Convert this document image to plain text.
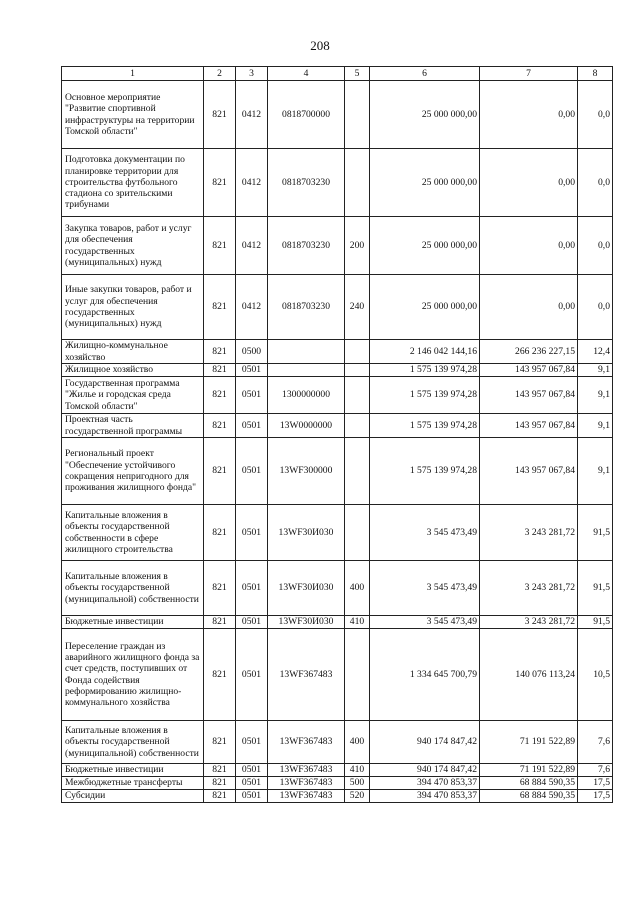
208
1	2	3	4	5	6	7	8
Основное мероприятие "Развитие спортивной инфраструктуры на территории Томской области"	821	0412	0818700000		25 000 000,00	0,00	0,0
Подготовка документации по планировке территории для строительства футбольного стадиона со зрительскими трибунами	821	0412	0818703230		25 000 000,00	0,00	0,0
Закупка товаров, работ и услуг для обеспечения государственных (муниципальных) нужд	821	0412	0818703230	200	25 000 000,00	0,00	0,0
Иные закупки товаров, работ и услуг для обеспечения государственных (муниципальных) нужд	821	0412	0818703230	240	25 000 000,00	0,00	0,0
Жилищно-коммунальное хозяйство	821	0500			2 146 042 144,16	266 236 227,15	12,4
Жилищное хозяйство	821	0501			1 575 139 974,28	143 957 067,84	9,1
Государственная программа "Жилье и городская среда Томской области"	821	0501	1300000000		1 575 139 974,28	143 957 067,84	9,1
Проектная часть государственной программы	821	0501	13W0000000		1 575 139 974,28	143 957 067,84	9,1
Региональный проект "Обеспечение устойчивого сокращения непригодного для проживания жилищного фонда"	821	0501	13WF300000		1 575 139 974,28	143 957 067,84	9,1
Капитальные вложения в объекты государственной собственности в сфере жилищного строительства	821	0501	13WF30И030		3 545 473,49	3 243 281,72	91,5
Капитальные вложения в объекты государственной (муниципальной) собственности	821	0501	13WF30И030	400	3 545 473,49	3 243 281,72	91,5
Бюджетные инвестиции	821	0501	13WF30И030	410	3 545 473,49	3 243 281,72	91,5
Переселение граждан из аварийного жилищного фонда за счет средств, поступивших от Фонда содействия реформированию жилищно-коммунального хозяйства	821	0501	13WF367483		1 334 645 700,79	140 076 113,24	10,5
Капитальные вложения в объекты государственной (муниципальной) собственности	821	0501	13WF367483	400	940 174 847,42	71 191 522,89	7,6
Бюджетные инвестиции	821	0501	13WF367483	410	940 174 847,42	71 191 522,89	7,6
Межбюджетные трансферты	821	0501	13WF367483	500	394 470 853,37	68 884 590,35	17,5
Субсидии	821	0501	13WF367483	520	394 470 853,37	68 884 590,35	17,5
